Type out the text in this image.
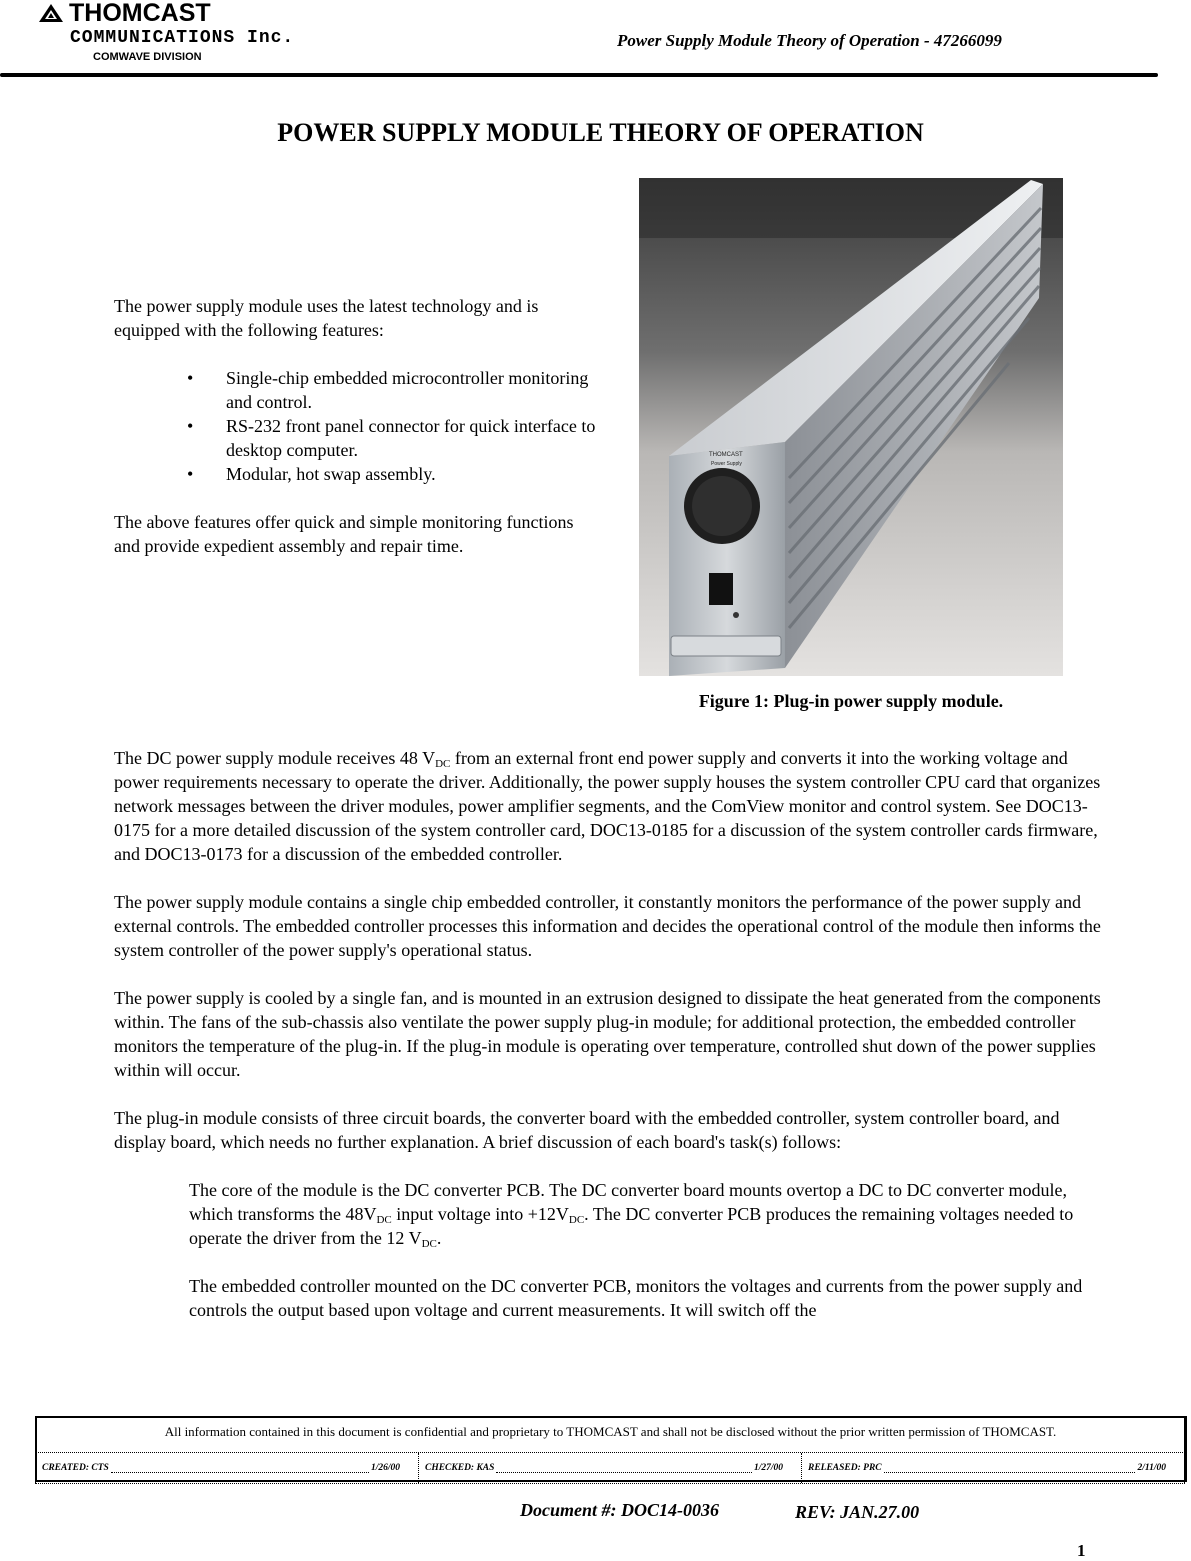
THOMCAST
COMMUNICATIONS Inc.
COMWAVE DIVISION
Power Supply Module Theory of Operation - 47266099
POWER SUPPLY MODULE THEORY OF OPERATION

The power supply module uses the latest technology and is equipped with the following features:

• Single-chip embedded microcontroller monitoring and control.
• RS-232 front panel connector for quick interface to desktop computer.
• Modular, hot swap assembly.

The above features offer quick and simple monitoring functions and provide expedient assembly and repair time.

THOMCAST
Power Supply
Figure 1: Plug-in power supply module.

The DC power supply module receives 48 $V_{DC}$ from an external front end power supply and converts it into the working voltage and power requirements necessary to operate the driver. Additionally, the power supply houses the system controller CPU card that organizes network messages between the driver modules, power amplifier segments, and the ComView monitor and control system. See DOC13-0175 for a more detailed discussion of the system controller card, DOC13-0185 for a discussion of the system controller cards firmware, and DOC13-0173 for a discussion of the embedded controller.

The power supply module contains a single chip embedded controller, it constantly monitors the performance of the power supply and external controls. The embedded controller processes this information and decides the operational control of the module then informs the system controller of the power supply's operational status.

The power supply is cooled by a single fan, and is mounted in an extrusion designed to dissipate the heat generated from the components within. The fans of the sub-chassis also ventilate the power supply plug-in module; for additional protection, the embedded controller monitors the temperature of the plug-in. If the plug-in module is operating over temperature, controlled shut down of the power supplies within will occur.

The plug-in module consists of three circuit boards, the converter board with the embedded controller, system controller board, and display board, which needs no further explanation. A brief discussion of each board's task(s) follows:

The core of the module is the DC converter PCB. The DC converter board mounts overtop a DC to DC converter module, which transforms the $48V_{DC}$ input voltage into $+12V_{DC}$. The DC converter PCB produces the remaining voltages needed to operate the driver from the 12 $V_{DC}$.

The embedded controller mounted on the DC converter PCB, monitors the voltages and currents from the power supply and controls the output based upon voltage and current measurements. It will switch off the

All information contained in this document is confidential and proprietary to THOMCAST and shall not be disclosed without the prior written permission of THOMCAST.
CREATED: CTS	1/26/00	CHECKED: KAS	1/27/00	RELEASED: PRC	2/11/00
Document #: DOC14-0036	REV: JAN.27.00
1
